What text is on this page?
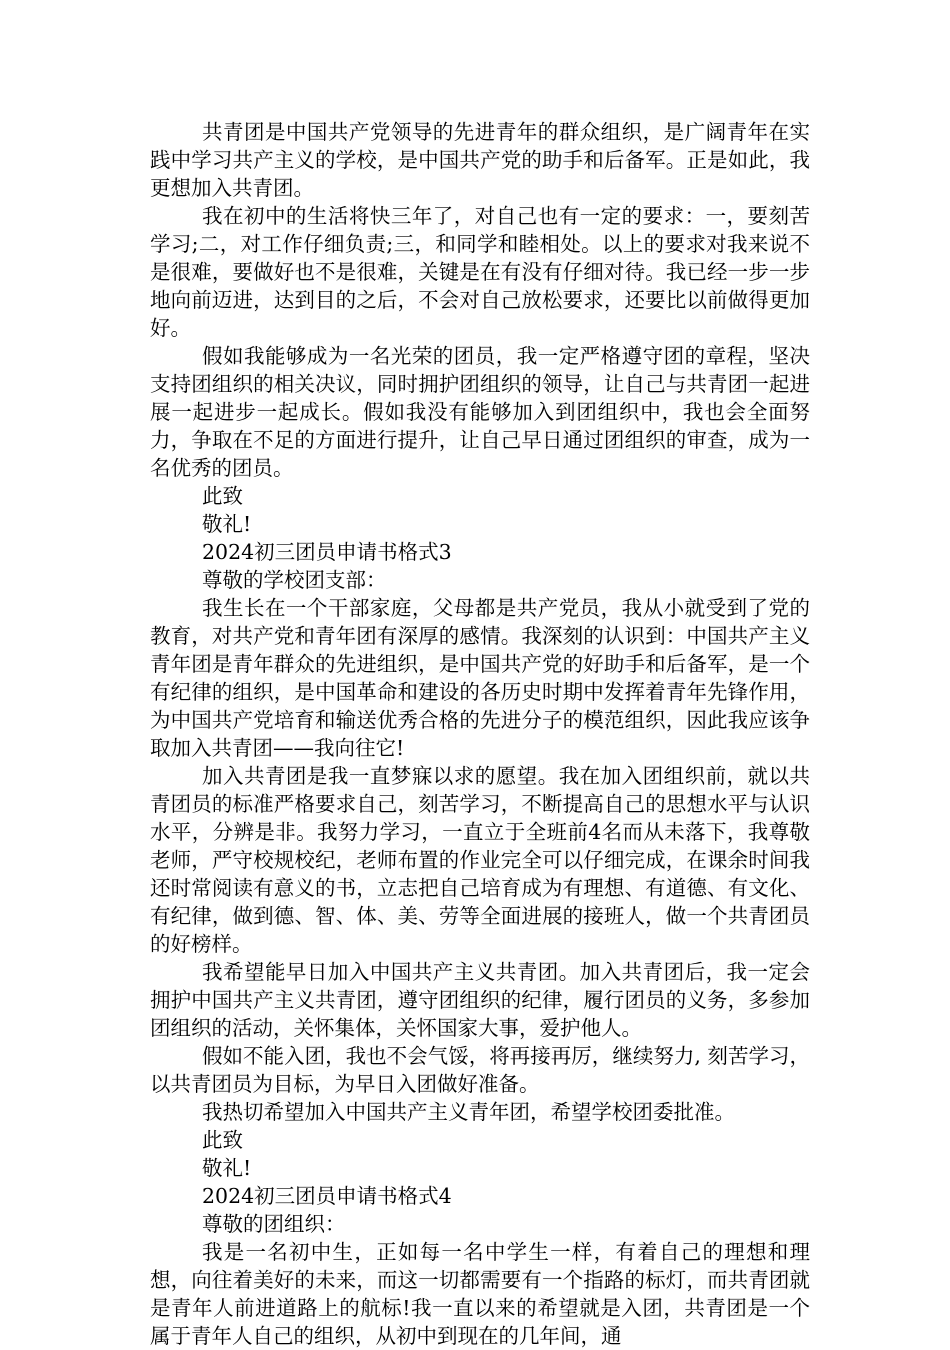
共青团是中国共产党领导的先进青年的群众组织，是广阔青年在实践中学习共产主义的学校，是中国共产党的助手和后备军。正是如此，我更想加入共青团。

我在初中的生活将快三年了，对自己也有一定的要求：一，要刻苦学习;二，对工作仔细负责;三，和同学和睦相处。以上的要求对我来说不是很难，要做好也不是很难，关键是在有没有仔细对待。我已经一步一步地向前迈进，达到目的之后，不会对自己放松要求，还要比以前做得更加好。

假如我能够成为一名光荣的团员，我一定严格遵守团的章程，坚决支持团组织的相关决议，同时拥护团组织的领导，让自己与共青团一起进展一起进步一起成长。假如我没有能够加入到团组织中，我也会全面努力，争取在不足的方面进行提升，让自己早日通过团组织的审查，成为一名优秀的团员。

此致

敬礼!

2024初三团员申请书格式3

尊敬的学校团支部：

我生长在一个干部家庭，父母都是共产党员，我从小就受到了党的教育，对共产党和青年团有深厚的感情。我深刻的认识到：中国共产主义青年团是青年群众的先进组织，是中国共产党的好助手和后备军，是一个有纪律的组织，是中国革命和建设的各历史时期中发挥着青年先锋作用，为中国共产党培育和输送优秀合格的先进分子的模范组织，因此我应该争取加入共青团——我向往它!

加入共青团是我一直梦寐以求的愿望。我在加入团组织前，就以共青团员的标准严格要求自己，刻苦学习，不断提高自己的思想水平与认识水平，分辨是非。我努力学习，一直立于全班前4名而从未落下，我尊敬老师，严守校规校纪，老师布置的作业完全可以仔细完成，在课余时间我还时常阅读有意义的书，立志把自己培育成为有理想、有道德、有文化、有纪律，做到德、智、体、美、劳等全面进展的接班人，做一个共青团员的好榜样。

我希望能早日加入中国共产主义共青团。加入共青团后，我一定会拥护中国共产主义共青团，遵守团组织的纪律，履行团员的义务，多参加团组织的活动，关怀集体，关怀国家大事，爱护他人。

假如不能入团，我也不会气馁，将再接再厉，继续努力, 刻苦学习，以共青团员为目标，为早日入团做好准备。

我热切希望加入中国共产主义青年团，希望学校团委批准。

此致

敬礼!

2024初三团员申请书格式4

尊敬的团组织：

我是一名初中生，正如每一名中学生一样，有着自己的理想和理想，向往着美好的未来，而这一切都需要有一个指路的标灯，而共青团就是青年人前进道路上的航标!我一直以来的希望就是入团，共青团是一个属于青年人自己的组织，从初中到现在的几年间，通
